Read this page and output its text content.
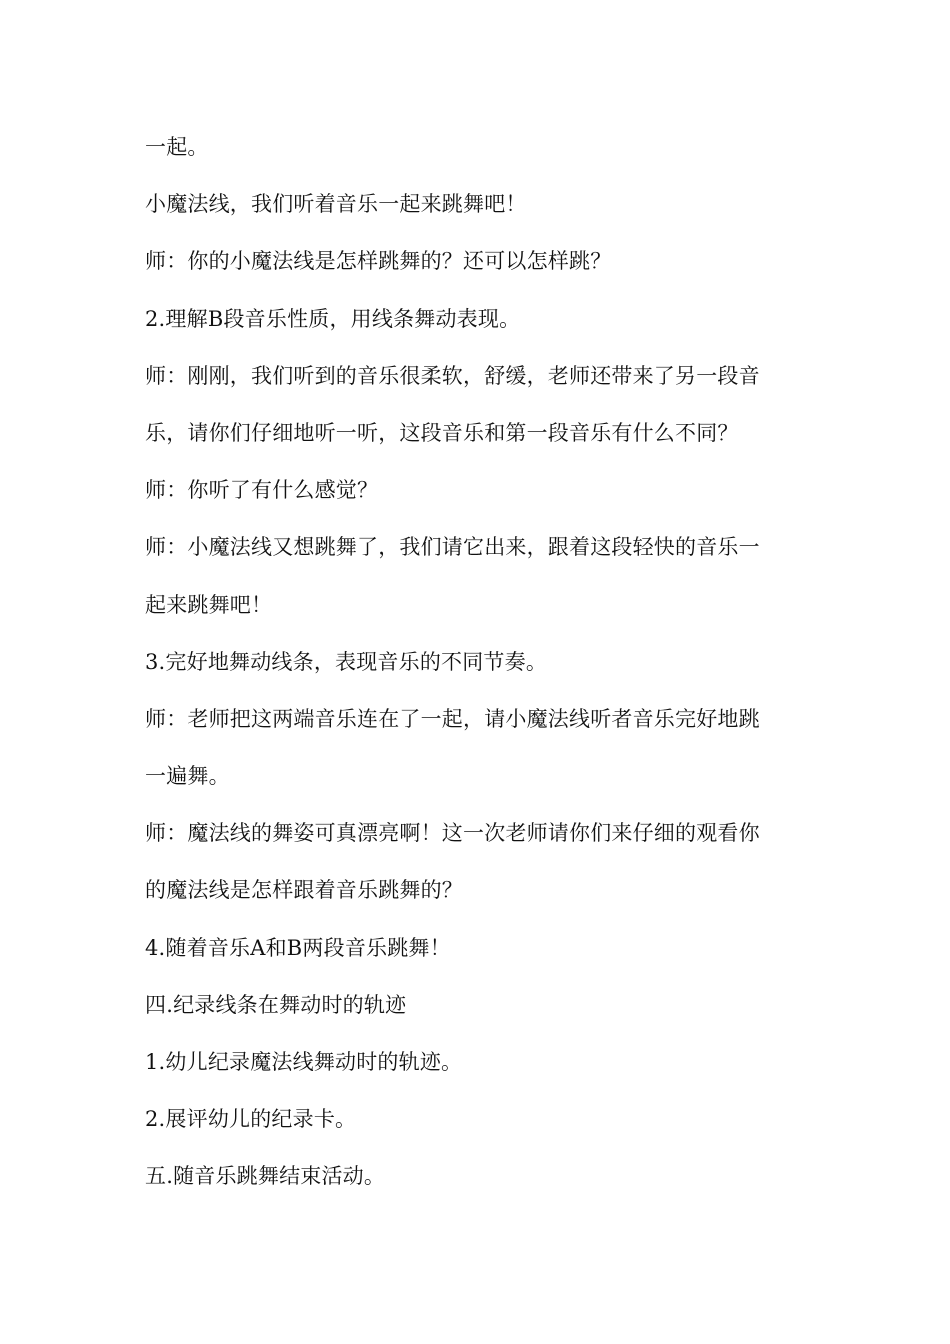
一起。

小魔法线，我们听着音乐一起来跳舞吧！

师：你的小魔法线是怎样跳舞的？还可以怎样跳？

2.理解B段音乐性质，用线条舞动表现。

师：刚刚，我们听到的音乐很柔软，舒缓，老师还带来了另一段音

乐，请你们仔细地听一听，这段音乐和第一段音乐有什么不同？

师：你听了有什么感觉？

师：小魔法线又想跳舞了，我们请它出来，跟着这段轻快的音乐一

起来跳舞吧！

3.完好地舞动线条，表现音乐的不同节奏。

师：老师把这两端音乐连在了一起，请小魔法线听者音乐完好地跳

一遍舞。

师：魔法线的舞姿可真漂亮啊！这一次老师请你们来仔细的观看你

的魔法线是怎样跟着音乐跳舞的？

4.随着音乐A和B两段音乐跳舞！

四.纪录线条在舞动时的轨迹

1.幼儿纪录魔法线舞动时的轨迹。

2.展评幼儿的纪录卡。

五.随音乐跳舞结束活动。
